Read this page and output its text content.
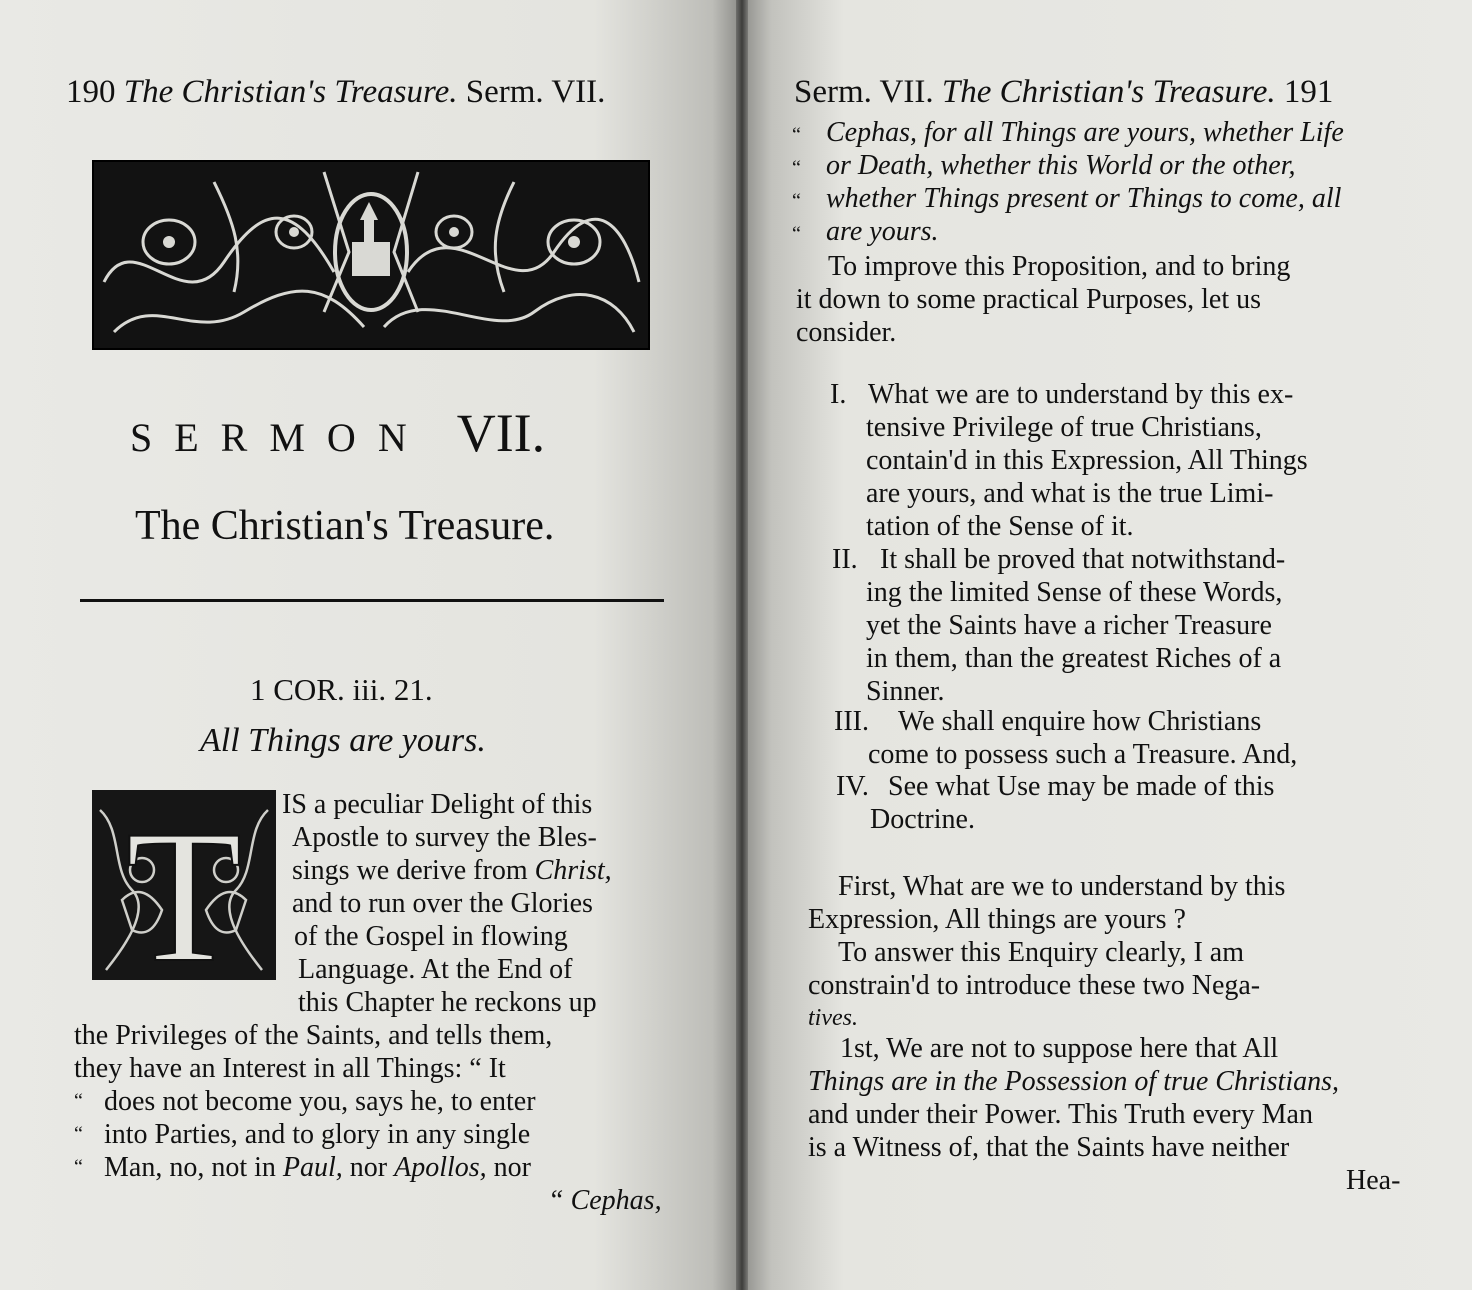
190 The Christian's Treasure. Serm. VII.
SERMON VII.
The Christian's Treasure.
1 COR. iii. 21.
All Things are yours.
T IS a peculiar Delight of this
Apostle to survey the Bles-
sings we derive from Christ,
and to run over the Glories
of the Gospel in flowing
Language. At the End of
this Chapter he reckons up
the Privileges of the Saints, and tells them,
they have an Interest in all Things: “ It
“ does not become you, says he, to enter
“ into Parties, and to glory in any single
“ Man, no, not in Paul, nor Apollos, nor
“ Cephas,
Serm. VII. The Christian's Treasure. 191
“ Cephas, for all Things are yours, whether Life
“ or Death, whether this World or the other,
“ whether Things present or Things to come, all
“ are yours.
To improve this Proposition, and to bring
it down to some practical Purposes, let us
consider.
I. What we are to understand by this ex-
tensive Privilege of true Christians,
contain'd in this Expression, All Things
are yours, and what is the true Limi-
tation of the Sense of it.
II. It shall be proved that notwithstand-
ing the limited Sense of these Words,
yet the Saints have a richer Treasure
in them, than the greatest Riches of a
Sinner.
III. We shall enquire how Christians
come to possess such a Treasure. And,
IV. See what Use may be made of this
Doctrine.
First, What are we to understand by this
Expression, All things are yours ?
To answer this Enquiry clearly, I am
constrain'd to introduce these two Nega-
tives.
1st, We are not to suppose here that All
Things are in the Possession of true Christians,
and under their Power. This Truth every Man
is a Witness of, that the Saints have neither
Hea-
